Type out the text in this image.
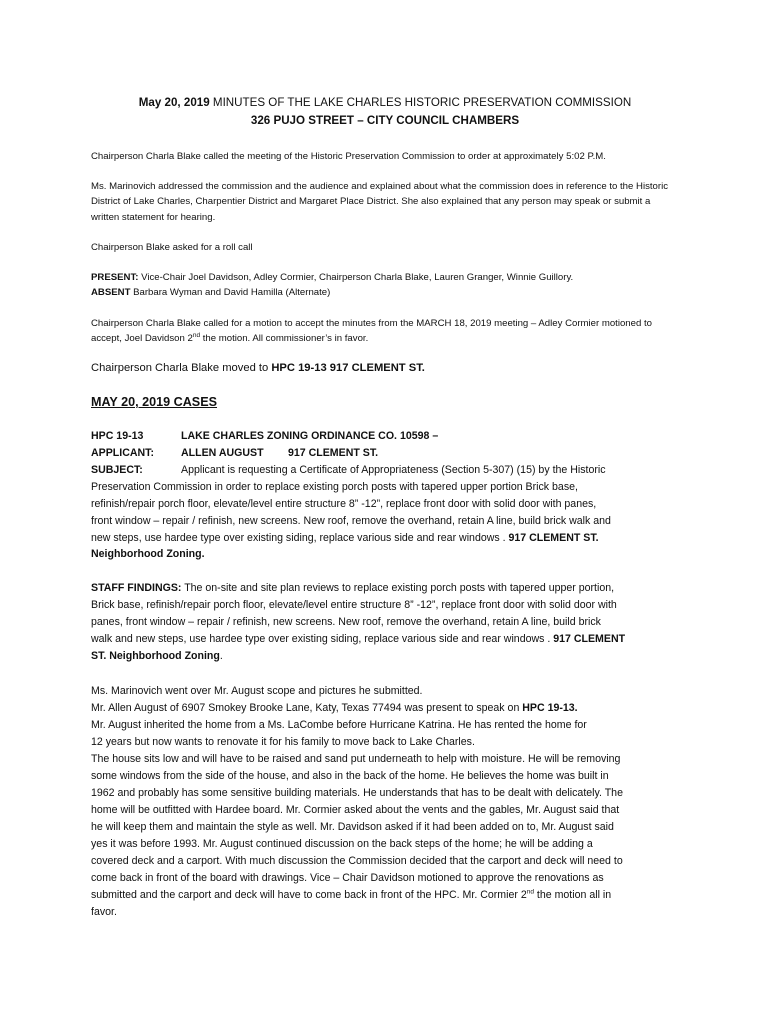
May 20, 2019 MINUTES OF THE LAKE CHARLES HISTORIC PRESERVATION COMMISSION
326 PUJO STREET – CITY COUNCIL CHAMBERS
Chairperson Charla Blake called the meeting of the Historic Preservation Commission to order at approximately 5:02 P.M.
Ms. Marinovich addressed the commission and the audience and explained about what the commission does in reference to the Historic District of Lake Charles, Charpentier District and Margaret Place District. She also explained that any person may speak or submit a written statement for hearing.
Chairperson Blake asked for a roll call
PRESENT: Vice-Chair Joel Davidson, Adley Cormier, Chairperson Charla Blake, Lauren Granger, Winnie Guillory.
ABSENT Barbara Wyman and David Hamilla (Alternate)
Chairperson Charla Blake called for a motion to accept the minutes from the MARCH 18, 2019 meeting – Adley Cormier motioned to accept, Joel Davidson 2nd the motion. All commissioner’s in favor.
Chairperson Charla Blake moved to HPC 19-13 917 CLEMENT ST.
MAY 20, 2019 CASES
HPC 19-13	LAKE CHARLES ZONING ORDINANCE CO. 10598 –
APPLICANT:	ALLEN AUGUST 917 CLEMENT ST.
SUBJECT:	Applicant is requesting a Certificate of Appropriateness (Section 5-307) (15) by the Historic
Preservation Commission in order to replace existing porch posts with tapered upper portion Brick base,
refinish/repair porch floor, elevate/level entire structure 8” -12”, replace front door with solid door with panes,
front window – repair / refinish, new screens. New roof, remove the overhand, retain A line, build brick walk and
new steps, use hardee type over existing siding, replace various side and rear windows . 917 CLEMENT ST.
Neighborhood Zoning.
STAFF FINDINGS: The on-site and site plan reviews to replace existing porch posts with tapered upper portion,
Brick base, refinish/repair porch floor, elevate/level entire structure 8” -12”, replace front door with solid door with
panes, front window – repair / refinish, new screens. New roof, remove the overhand, retain A line, build brick
walk and new steps, use hardee type over existing siding, replace various side and rear windows . 917 CLEMENT
ST. Neighborhood Zoning.
Ms. Marinovich went over Mr. August scope and pictures he submitted.
Mr. Allen August of 6907 Smokey Brooke Lane, Katy, Texas 77494 was present to speak on HPC 19-13.
Mr. August inherited the home from a Ms. LaCombe before Hurricane Katrina. He has rented the home for
12 years but now wants to renovate it for his family to move back to Lake Charles.
The house sits low and will have to be raised and sand put underneath to help with moisture. He will be removing
some windows from the side of the house, and also in the back of the home. He believes the home was built in
1962 and probably has some sensitive building materials. He understands that has to be dealt with delicately. The
home will be outfitted with Hardee board. Mr. Cormier asked about the vents and the gables, Mr. August said that
he will keep them and maintain the style as well. Mr. Davidson asked if it had been added on to, Mr. August said
yes it was before 1993. Mr. August continued discussion on the back steps of the home; he will be adding a
covered deck and a carport. With much discussion the Commission decided that the carport and deck will need to
come back in front of the board with drawings. Vice – Chair Davidson motioned to approve the renovations as
submitted and the carport and deck will have to come back in front of the HPC. Mr. Cormier 2nd the motion all in
favor.
